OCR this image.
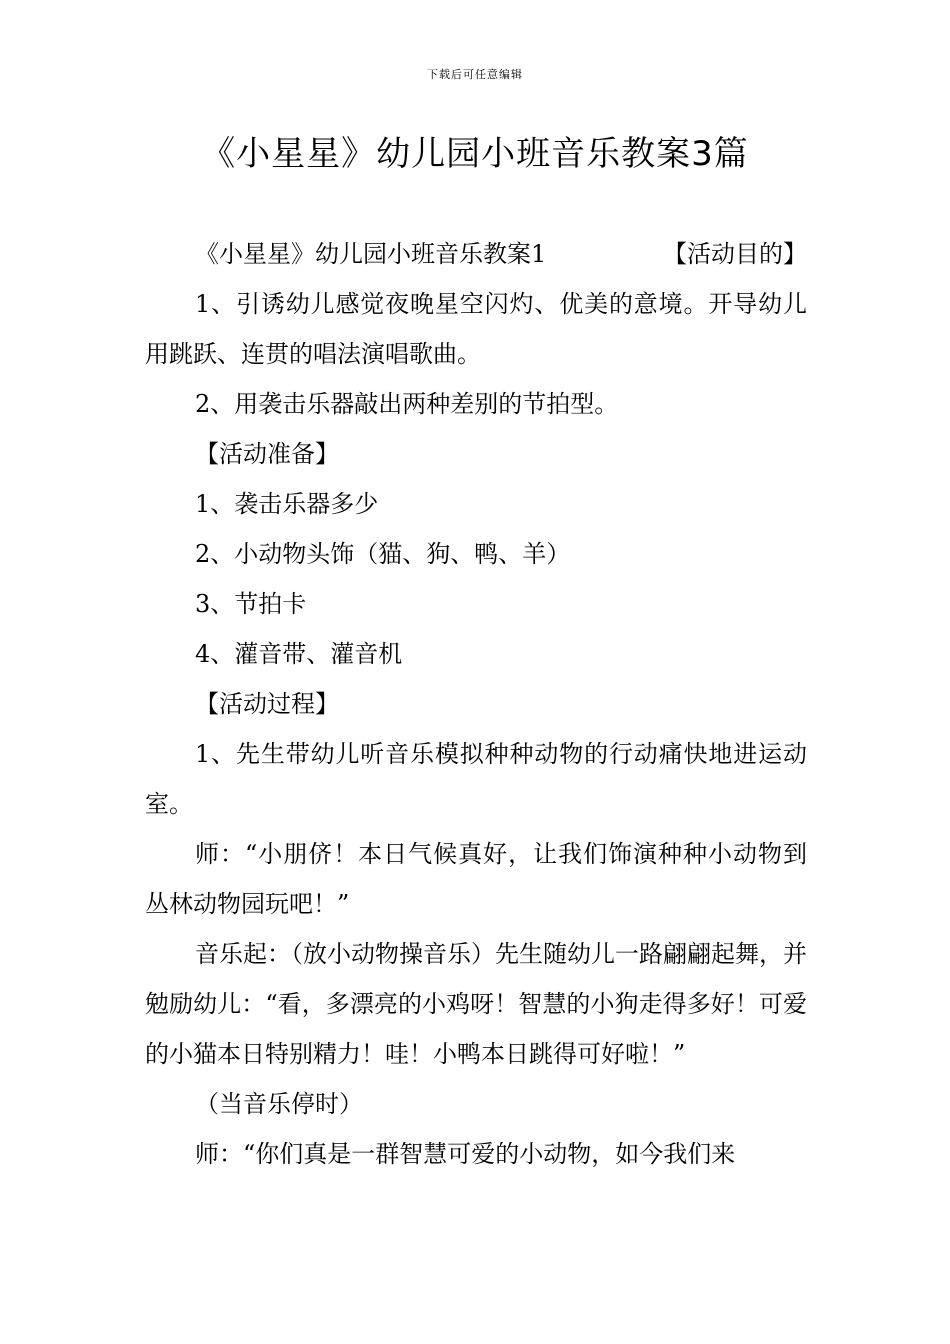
下载后可任意编辑
《小星星》幼儿园小班音乐教案3篇
《小星星》幼儿园小班音乐教案1	【活动目的】

1、引诱幼儿感觉夜晚星空闪灼、优美的意境。开导幼儿用跳跃、连贯的唱法演唱歌曲。

2、用袭击乐器敲出两种差别的节拍型。

【活动准备】

1、袭击乐器多少

2、小动物头饰（猫、狗、鸭、羊）

3、节拍卡

4、灌音带、灌音机

【活动过程】

1、先生带幼儿听音乐模拟种种动物的行动痛快地进运动室。

师：“小朋侪！本日气候真好，让我们饰演种种小动物到丛林动物园玩吧！”

音乐起：（放小动物操音乐）先生随幼儿一路翩翩起舞，并勉励幼儿：“看，多漂亮的小鸡呀！智慧的小狗走得多好！可爱的小猫本日特别精力！哇！小鸭本日跳得可好啦！”

（当音乐停时）

师：“你们真是一群智慧可爱的小动物，如今我们来
